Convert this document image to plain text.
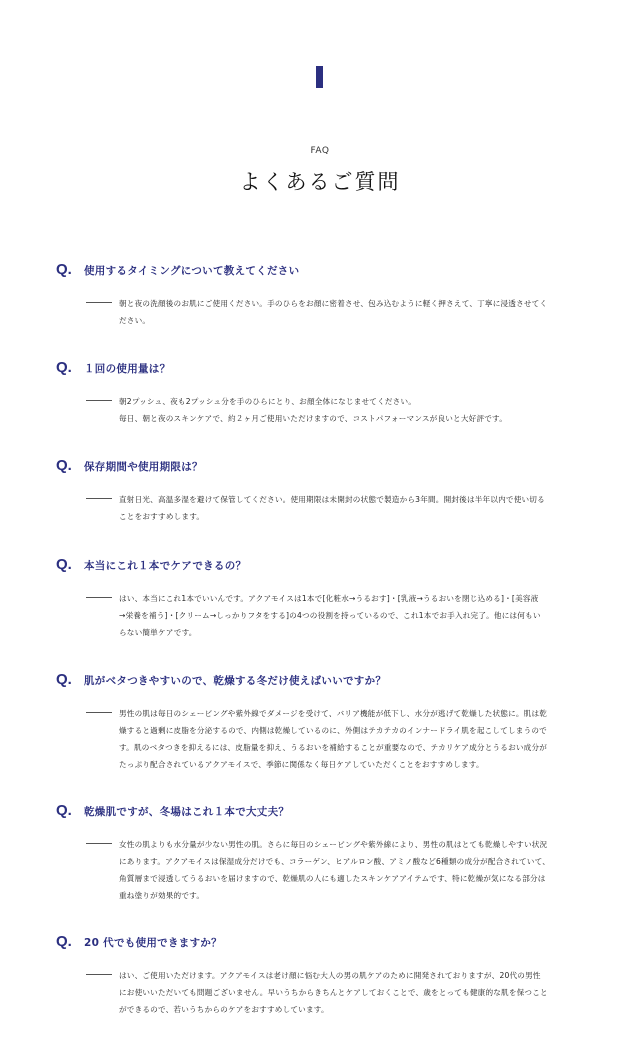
FAQ
よくあるご質問
Q.	使用するタイミングについて教えてください
朝と夜の洗顔後のお肌にご使用ください。手のひらをお顔に密着させ、包み込むように軽く押さえて、丁寧に浸透させてく
ださい。
Q.	１回の使用量は？
朝2プッシュ、夜も2プッシュ分を手のひらにとり、お顔全体になじませてください。
毎日、朝と夜のスキンケアで、約２ヶ月ご使用いただけますので、コストパフォーマンスが良いと大好評です。
Q.	保存期間や使用期限は？
直射日光、高温多湿を避けて保管してください。使用期限は未開封の状態で製造から3年間。開封後は半年以内で使い切る
ことをおすすめします。
Q.	本当にこれ１本でケアできるの？
はい、本当にこれ1本でいいんです。アクアモイスは1本で[化粧水→うるおす]・[乳液→うるおいを閉じ込める]・[美容液
→栄養を補う]・[クリーム→しっかりフタをする]の4つの役割を持っているので、これ1本でお手入れ完了。他には何もい
らない簡単ケアです。
Q.	肌がベタつきやすいので、乾燥する冬だけ使えばいいですか？
男性の肌は毎日のシェービングや紫外線でダメージを受けて、バリア機能が低下し、水分が逃げて乾燥した状態に。肌は乾
燥すると過剰に皮脂を分泌するので、内側は乾燥しているのに、外側はテカテカのインナードライ肌を起こしてしまうので
す。肌のベタつきを抑えるには、皮脂量を抑え、うるおいを補給することが重要なので、テカリケア成分とうるおい成分が
たっぷり配合されているアクアモイスで、季節に関係なく毎日ケアしていただくことをおすすめします。
Q.	乾燥肌ですが、冬場はこれ１本で大丈夫？
女性の肌よりも水分量が少ない男性の肌。さらに毎日のシェービングや紫外線により、男性の肌はとても乾燥しやすい状況
にあります。アクアモイスは保湿成分だけでも、コラーゲン、ヒアルロン酸、アミノ酸など6種類の成分が配合されていて、
角質層まで浸透してうるおいを届けますので、乾燥肌の人にも適したスキンケアアイテムです、特に乾燥が気になる部分は
重ね塗りが効果的です。
Q.	20 代でも使用できますか？
はい、ご使用いただけます。アクアモイスは老け顔に悩む大人の男の肌ケアのために開発されておりますが、20代の男性
にお使いいただいても問題ございません。早いうちからきちんとケアしておくことで、歳をとっても健康的な肌を保つこと
ができるので、若いうちからのケアをおすすめしています。
